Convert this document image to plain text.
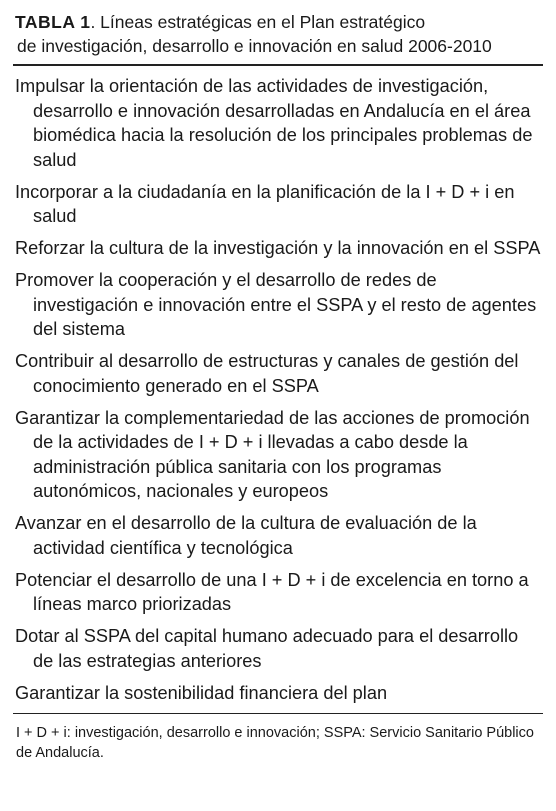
TABLA 1. Líneas estratégicas en el Plan estratégico
de investigación, desarrollo e innovación en salud 2006-2010
Impulsar la orientación de las actividades de investigación, desarrollo e innovación desarrolladas en Andalucía en el área biomédica hacia la resolución de los principales problemas de salud
Incorporar a la ciudadanía en la planificación de la I + D + i en salud
Reforzar la cultura de la investigación y la innovación en el SSPA
Promover la cooperación y el desarrollo de redes de investigación e innovación entre el SSPA y el resto de agentes del sistema
Contribuir al desarrollo de estructuras y canales de gestión del conocimiento generado en el SSPA
Garantizar la complementariedad de las acciones de promoción de la actividades de I + D + i llevadas a cabo desde la administración pública sanitaria con los programas autonómicos, nacionales y europeos
Avanzar en el desarrollo de la cultura de evaluación de la actividad científica y tecnológica
Potenciar el desarrollo de una I + D + i de excelencia en torno a líneas marco priorizadas
Dotar al SSPA del capital humano adecuado para el desarrollo de las estrategias anteriores
Garantizar la sostenibilidad financiera del plan
I + D + i: investigación, desarrollo e innovación; SSPA: Servicio Sanitario Público de Andalucía.
